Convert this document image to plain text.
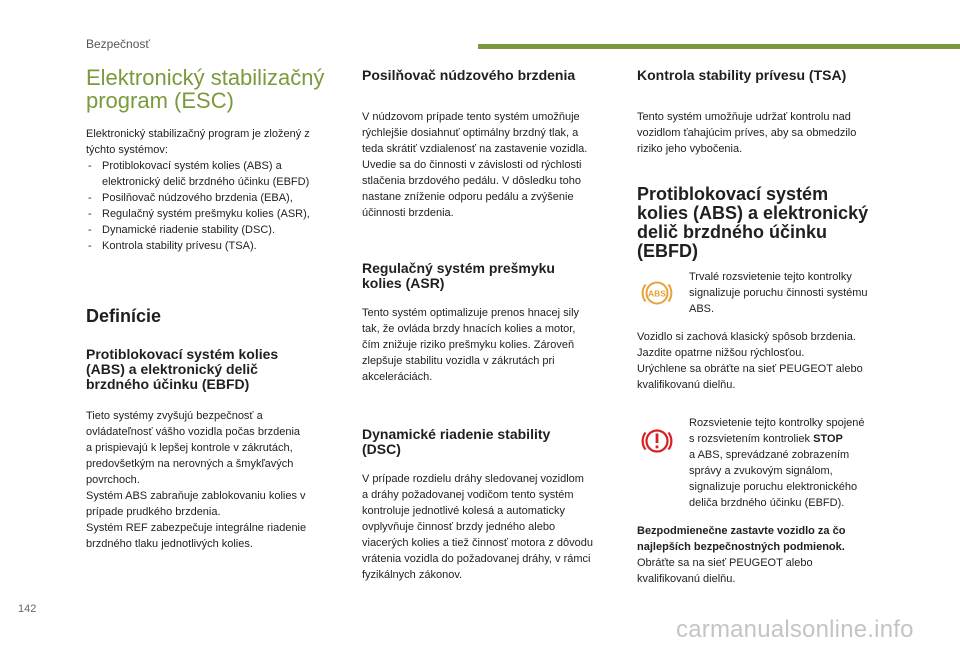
Bezpečnosť
Elektronický stabilizačný
program (ESC)

Elektronický stabilizačný program je zložený z
týchto systémov:

- Protiblokovací systém kolies (ABS) a
elektronický delič brzdného účinku (EBFD)
- Posilňovač núdzového brzdenia (EBA),
- Regulačný systém prešmyku kolies (ASR),
- Dynamické riadenie stability (DSC).
- Kontrola stability prívesu (TSA).
Definície
Protiblokovací systém kolies
(ABS) a elektronický delič
brzdného účinku (EBFD)

Tieto systémy zvyšujú bezpečnosť a
ovládateľnosť vášho vozidla počas brzdenia
a prispievajú k lepšej kontrole v zákrutách,
predovšetkým na nerovných a šmykľavých
povrchoch.
Systém ABS zabraňuje zablokovaniu kolies v
prípade prudkého brzdenia.
Systém REF zabezpečuje integrálne riadenie
brzdného tlaku jednotlivých kolies.

Posilňovač núdzového brzdenia

V núdzovom prípade tento systém umožňuje
rýchlejšie dosiahnuť optimálny brzdný tlak, a
teda skrátiť vzdialenosť na zastavenie vozidla.
Uvedie sa do činnosti v závislosti od rýchlosti
stlačenia brzdového pedálu. V dôsledku toho
nastane zníženie odporu pedálu a zvýšenie
účinnosti brzdenia.

Regulačný systém prešmyku
kolies (ASR)

Tento systém optimalizuje prenos hnacej sily
tak, že ovláda brzdy hnacích kolies a motor,
čím znižuje riziko prešmyku kolies. Zároveň
zlepšuje stabilitu vozidla v zákrutách pri
akceleráciách.

Dynamické riadenie stability
(DSC)

V prípade rozdielu dráhy sledovanej vozidlom
a dráhy požadovanej vodičom tento systém
kontroluje jednotlivé kolesá a automaticky
ovplyvňuje činnosť brzdy jedného alebo
viacerých kolies a tiež činnosť motora z dôvodu
vrátenia vozidla do požadovanej dráhy, v rámci
fyzikálnych zákonov.

Kontrola stability prívesu (TSA)

Tento systém umožňuje udržať kontrolu nad
vozidlom ťahajúcim príves, aby sa obmedzilo
riziko jeho vybočenia.

Protiblokovací systém
kolies (ABS) a elektronický
delič brzdného účinku
(EBFD)
ABS

Trvalé rozsvietenie tejto kontrolky
signalizuje poruchu činnosti systému
ABS.

Vozidlo si zachová klasický spôsob brzdenia.
Jazdite opatrne nižšou rýchlosťou.
Urýchlene sa obráťte na sieť PEUGEOT alebo
kvalifikovanú dielňu.

Rozsvietenie tejto kontrolky spojené
s rozsvietením kontroliek STOP
a ABS, sprevádzané zobrazením
správy a zvukovým signálom,
signalizuje poruchu elektronického
deliča brzdného účinku (EBFD).

Bezpodmienečne zastavte vozidlo za čo
najlepších bezpečnostných podmienok.

Obráťte sa na sieť PEUGEOT alebo
kvalifikovanú dielňu.

142
carmanualsonline.info
